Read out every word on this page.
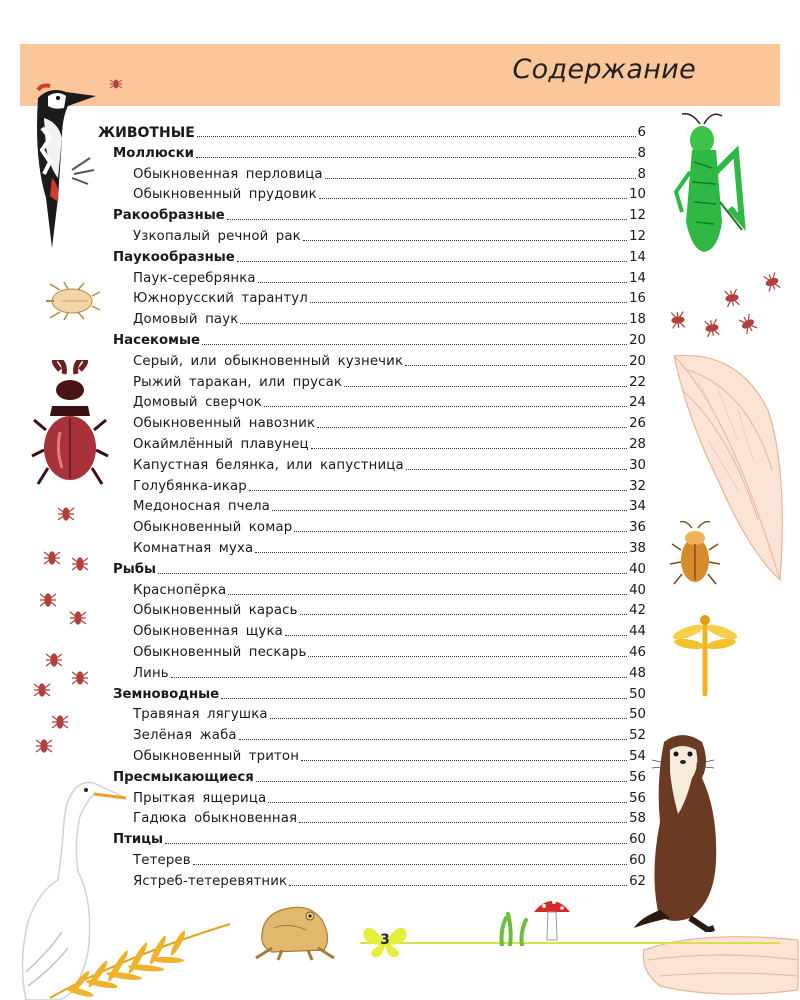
Содержание
ЖИВОТНЫЕ	6
Моллюски	8
Обыкновенная перловица	8
Обыкновенный прудовик	10
Ракообразные	12
Узкопалый речной рак	12
Паукообразные	14
Паук-серебрянка	14
Южнорусский тарантул	16
Домовый паук	18
Насекомые	20
Серый, или обыкновенный кузнечик	20
Рыжий таракан, или прусак	22
Домовый сверчок	24
Обыкновенный навозник	26
Окаймлённый плавунец	28
Капустная белянка, или капустница	30
Голубянка-икар	32
Медоносная пчела	34
Обыкновенный комар	36
Комнатная муха	38
Рыбы	40
Краснопёрка	40
Обыкновенный карась	42
Обыкновенная щука	44
Обыкновенный пескарь	46
Линь	48
Земноводные	50
Травяная лягушка	50
Зелёная жаба	52
Обыкновенный тритон	54
Пресмыкающиеся	56
Прыткая ящерица	56
Гадюка обыкновенная	58
Птицы	60
Тетерев	60
Ястреб-тетеревятник	62
3
